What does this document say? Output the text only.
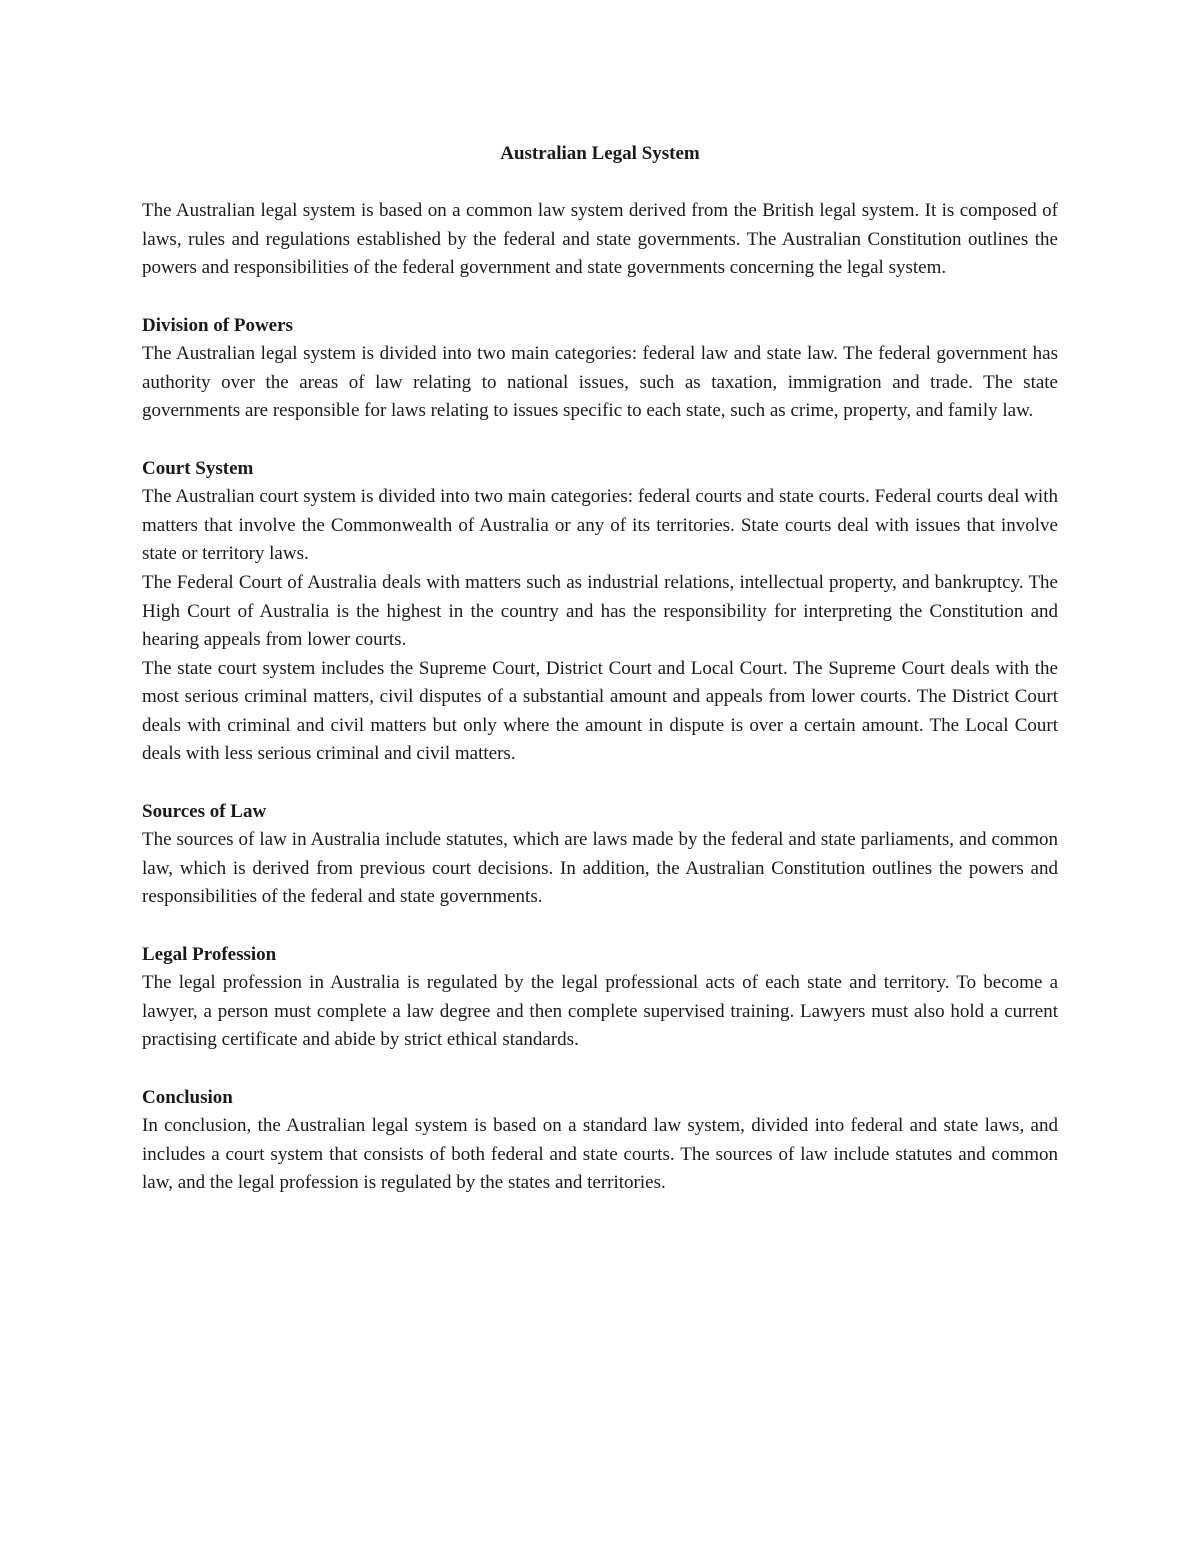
Australian Legal System

The Australian legal system is based on a common law system derived from the British legal system. It is composed of laws, rules and regulations established by the federal and state governments. The Australian Constitution outlines the powers and responsibilities of the federal government and state governments concerning the legal system.

Division of Powers

The Australian legal system is divided into two main categories: federal law and state law. The federal government has authority over the areas of law relating to national issues, such as taxation, immigration and trade. The state governments are responsible for laws relating to issues specific to each state, such as crime, property, and family law.

Court System

The Australian court system is divided into two main categories: federal courts and state courts. Federal courts deal with matters that involve the Commonwealth of Australia or any of its territories. State courts deal with issues that involve state or territory laws.

The Federal Court of Australia deals with matters such as industrial relations, intellectual property, and bankruptcy. The High Court of Australia is the highest in the country and has the responsibility for interpreting the Constitution and hearing appeals from lower courts.

The state court system includes the Supreme Court, District Court and Local Court. The Supreme Court deals with the most serious criminal matters, civil disputes of a substantial amount and appeals from lower courts. The District Court deals with criminal and civil matters but only where the amount in dispute is over a certain amount. The Local Court deals with less serious criminal and civil matters.

Sources of Law

The sources of law in Australia include statutes, which are laws made by the federal and state parliaments, and common law, which is derived from previous court decisions. In addition, the Australian Constitution outlines the powers and responsibilities of the federal and state governments.

Legal Profession

The legal profession in Australia is regulated by the legal professional acts of each state and territory. To become a lawyer, a person must complete a law degree and then complete supervised training. Lawyers must also hold a current practising certificate and abide by strict ethical standards.

Conclusion

In conclusion, the Australian legal system is based on a standard law system, divided into federal and state laws, and includes a court system that consists of both federal and state courts. The sources of law include statutes and common law, and the legal profession is regulated by the states and territories.
